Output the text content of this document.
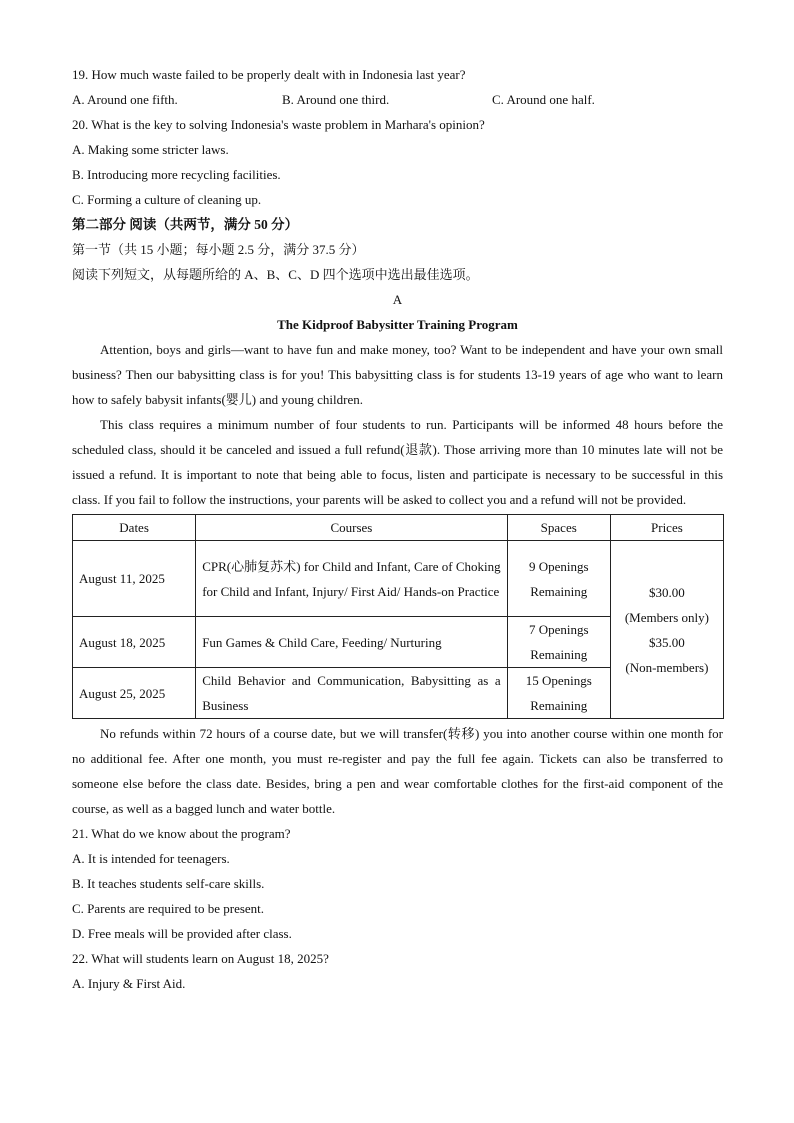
19. How much waste failed to be properly dealt with in Indonesia last year?
A. Around one fifth.	B. Around one third.	C. Around one half.
20. What is the key to solving Indonesia's waste problem in Marhara's opinion?
A. Making some stricter laws.
B. Introducing more recycling facilities.
C. Forming a culture of cleaning up.
第二部分 阅读（共两节，满分 50 分）
第一节（共 15 小题；每小题 2.5 分，满分 37.5 分）
阅读下列短文，从每题所给的 A、B、C、D 四个选项中选出最佳选项。
A
The Kidproof Babysitter Training Program
Attention, boys and girls—want to have fun and make money, too? Want to be independent and have your own small business? Then our babysitting class is for you! This babysitting class is for students 13-19 years of age who want to learn how to safely babysit infants(婴儿) and young children.
This class requires a minimum number of four students to run. Participants will be informed 48 hours before the scheduled class, should it be canceled and issued a full refund(退款). Those arriving more than 10 minutes late will not be issued a refund. It is important to note that being able to focus, listen and participate is necessary to be successful in this class. If you fail to follow the instructions, your parents will be asked to collect you and a refund will not be provided.
Dates	Courses	Spaces	Prices
August 11, 2025	CPR(心肺复苏术) for Child and Infant, Care of Choking for Child and Infant, Injury/ First Aid/ Hands-on Practice	9 Openings Remaining	$30.00
(Members only)
$35.00
(Non-members)

August 18, 2025	Fun Games & Child Care, Feeding/ Nurturing	7 Openings Remaining	
August 25, 2025	Child Behavior and Communication, Babysitting as a Business	15 Openings Remaining	
No refunds within 72 hours of a course date, but we will transfer(转移) you into another course within one month for no additional fee. After one month, you must re-register and pay the full fee again. Tickets can also be transferred to someone else before the class date. Besides, bring a pen and wear comfortable clothes for the first-aid component of the course, as well as a bagged lunch and water bottle.
21. What do we know about the program?
A. It is intended for teenagers.
B. It teaches students self-care skills.
C. Parents are required to be present.
D. Free meals will be provided after class.
22. What will students learn on August 18, 2025?
A. Injury & First Aid.
